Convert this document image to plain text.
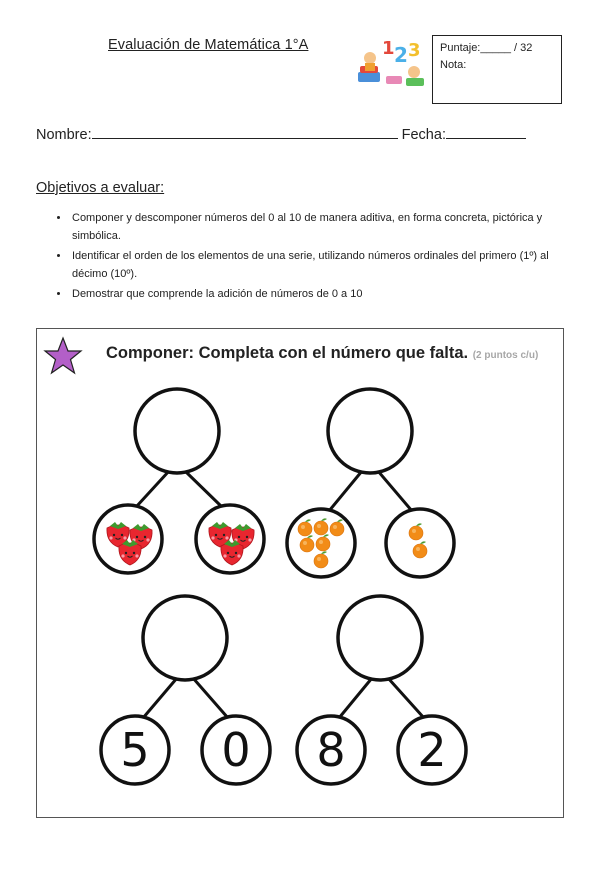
Evaluación de Matemática 1°A	1 2 3 Puntaje:_____ / 32
Nota:
Nombre:	Fecha:
Objetivos a evaluar:
• Componer y descomponer números del 0 al 10 de manera aditiva, en forma concreta, pictórica y simbólica.
• Identificar el orden de los elementos de una serie, utilizando números ordinales del primero (1º) al décimo (10º).
• Demostrar que comprende la adición de números de 0 a 10
Componer: Completa con el número que falta. (2 puntos c/u)
5 0 8 2
